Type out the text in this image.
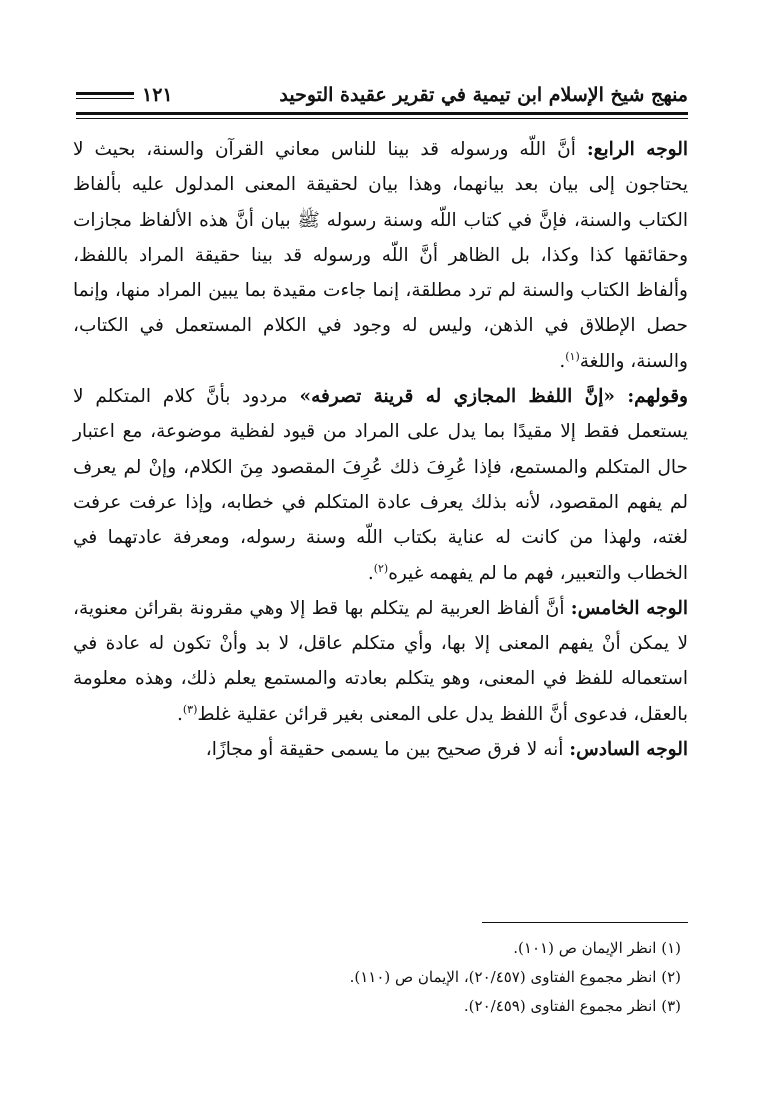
منهج شيخ الإسلام ابن تيمية في تقرير عقيدة التوحيد
١٢١

الوجه الرابع: أنَّ اللّه ورسوله قد بينا للناس معاني القرآن والسنة، بحيث لا يحتاجون إلى بيان بعد بيانهما، وهذا بيان لحقيقة المعنى المدلول عليه بألفاظ الكتاب والسنة، فإنَّ في كتاب اللّه وسنة رسوله ﷺ بيان أنَّ هذه الألفاظ مجازات وحقائقها كذا وكذا، بل الظاهر أنَّ اللّه ورسوله قد بينا حقيقة المراد باللفظ، وألفاظ الكتاب والسنة لم ترد مطلقة، إنما جاءت مقيدة بما يبين المراد منها، وإنما حصل الإطلاق في الذهن، وليس له وجود في الكلام المستعمل في الكتاب، والسنة، واللغة$^{(١)}$.

وقولهم: «إنَّ اللفظ المجازي له قرينة تصرفه» مردود بأنَّ كلام المتكلم لا يستعمل فقط إلا مقيدًا بما يدل على المراد من قيود لفظية موضوعة، مع اعتبار حال المتكلم والمستمع، فإذا عُرِفَ ذلك عُرِفَ المقصود مِنَ الكلام، وإنْ لم يعرف لم يفهم المقصود، لأنه بذلك يعرف عادة المتكلم في خطابه، وإذا عرفت عرفت لغته، ولهذا من كانت له عناية بكتاب اللّه وسنة رسوله، ومعرفة عادتهما في الخطاب والتعبير، فهم ما لم يفهمه غيره$^{(٢)}$.

الوجه الخامس: أنَّ ألفاظ العربية لم يتكلم بها قط إلا وهي مقرونة بقرائن معنوية، لا يمكن أنْ يفهم المعنى إلا بها، وأي متكلم عاقل، لا بد وأنْ تكون له عادة في استعماله للفظ في المعنى، وهو يتكلم بعادته والمستمع يعلم ذلك، وهذه معلومة بالعقل، فدعوى أنَّ اللفظ يدل على المعنى بغير قرائن عقلية غلط$^{(٣)}$.

الوجه السادس: أنه لا فرق صحيح بين ما يسمى حقيقة أو مجازًا،

(١) انظر الإيمان ص (١٠١).

(٢) انظر مجموع الفتاوى (٢٠/٤٥٧)، الإيمان ص (١١٠).

(٣) انظر مجموع الفتاوى (٢٠/٤٥٩).
